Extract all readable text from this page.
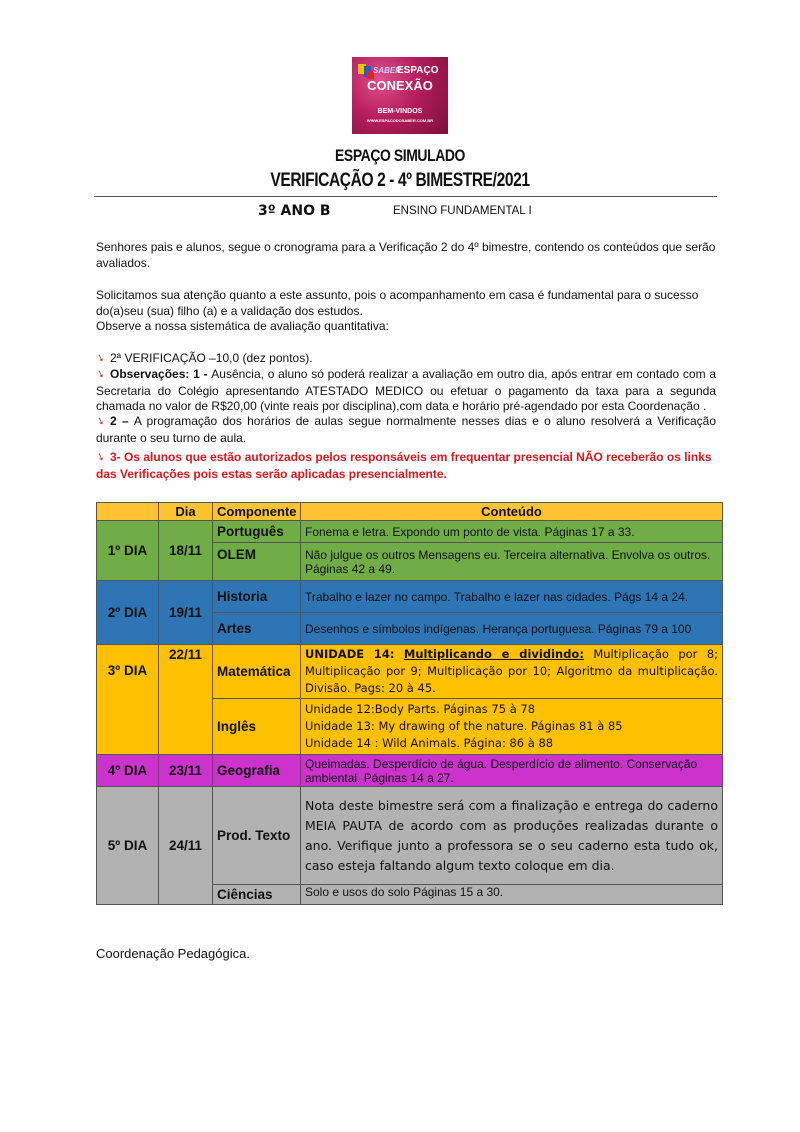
SABER
ESPAÇO
CONEXÃO
BEM-VINDOS
WWW.ESPACODOSABER.COM.BR
ESPAÇO SIMULADO
VERIFICAÇÃO 2 - 4º BIMESTRE/2021
3º ANO B	ENSINO FUNDAMENTAL I
Senhores pais e alunos, segue o cronograma para a Verificação 2 do 4º bimestre, contendo os conteúdos que serão avaliados.
Solicitamos sua atenção quanto a este assunto, pois o acompanhamento em casa é fundamental para o sucesso do(a)seu (sua) filho (a) e a validação dos estudos.
Observe a nossa sistemática de avaliação quantitativa:
➘ 2ª VERIFICAÇÃO –10,0 (dez pontos).
➘ Observações: 1 - Ausência, o aluno só poderá realizar a avaliação em outro dia, após entrar em contado com a Secretaria do Colégio apresentando ATESTADO MEDICO ou efetuar o pagamento da taxa para a segunda chamada no valor de R$20,00 (vinte reais por disciplina),com data e horário pré-agendado por esta Coordenação .
➘ 2 – A programação dos horários de aulas segue normalmente nesses dias e o aluno resolverá a Verificação durante o seu turno de aula.
➘ 3- Os alunos que estão autorizados pelos responsáveis em frequentar presencial NÃO receberão os links das Verificações pois estas serão aplicadas presencialmente.
	Dia	Componente	Conteúdo
1º DIA	18/11	Português	Fonema e letra. Expondo um ponto de vista. Páginas 17 a 33.
		OLEM	Não julgue os outros Mensagens eu. Terceira alternativa. Envolva os outros. Páginas 42 a 49.
2º DIA	19/11	Historia	Trabalho e lazer no campo. Trabalho e lazer nas cidades. Págs 14 a 24.
		Artes	Desenhos e símbolos indígenas. Herança portuguesa. Páginas 79 a 100
3º DIA	22/11	Matemática	UNIDADE 14: Multiplicando e dividindo: Multiplicação por 8; Multiplicação por 9; Multiplicação por 10; Algoritmo da multiplicação. Divisão. Pags: 20 à 45.
		Inglês	Unidade 12:Body Parts. Páginas 75 à 78
Unidade 13: My drawing of the nature. Páginas 81 à 85
Unidade 14 : Wild Animals. Página: 86 à 88

4º DIA	23/11	Geografia	Queimadas. Desperdício de água. Desperdício de alimento. Conservação ambiental. Páginas 14 a 27.
5º DIA	24/11	Prod. Texto	Nota deste bimestre será com a finalização e entrega do caderno MEIA PAUTA de acordo com as produções realizadas durante o ano. Verifique junto a professora se o seu caderno esta tudo ok, caso esteja faltando algum texto coloque em dia.
		Ciências	Solo e usos do solo Páginas 15 a 30.
Coordenação Pedagógica.
